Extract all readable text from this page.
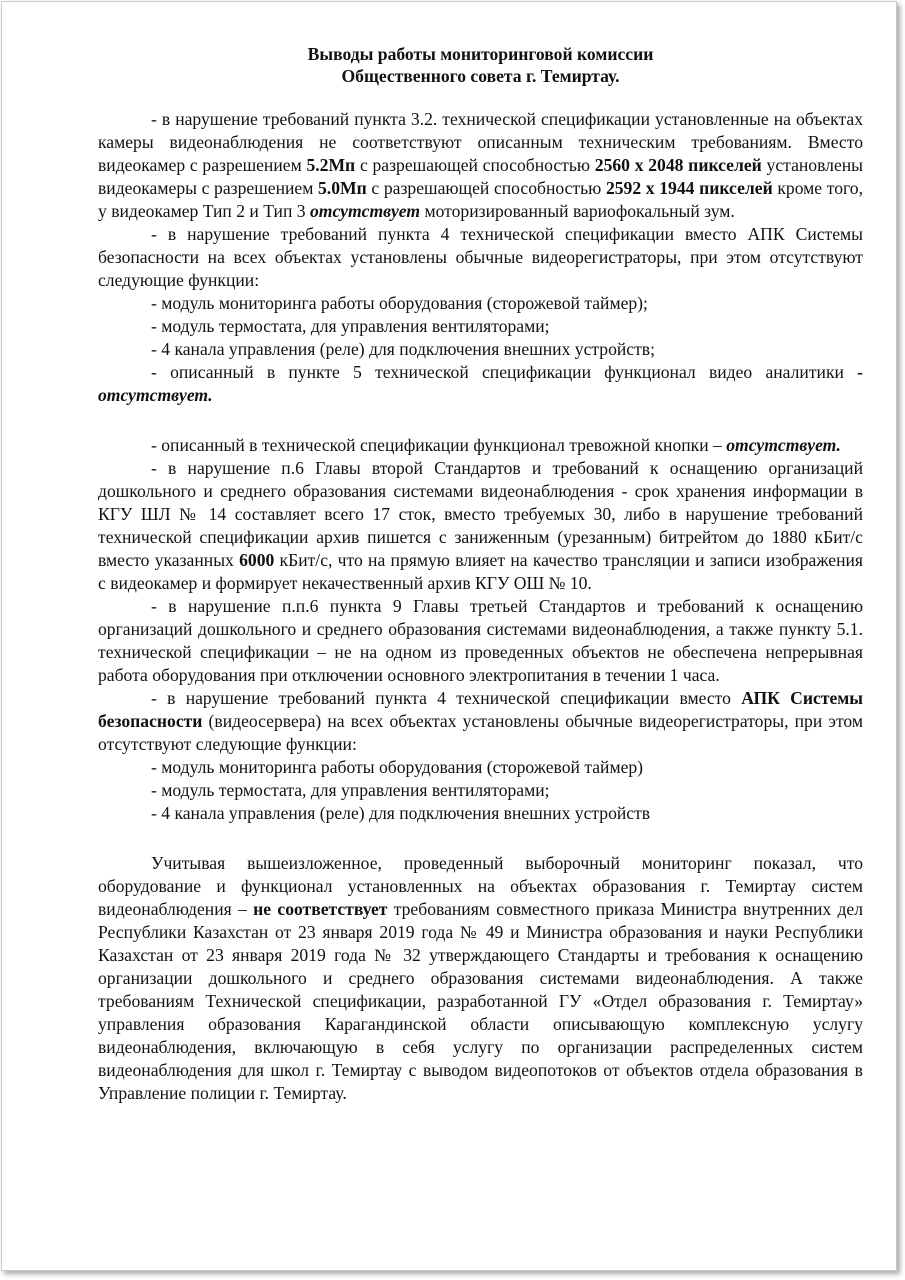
Выводы работы мониторинговой комиссии
Общественного совета г. Темиртау.

- в нарушение требований пункта 3.2. технической спецификации установленные на объектах камеры видеонаблюдения не соответствуют описанным техническим требованиям. Вместо видеокамер с разрешением 5.2Мп с разрешающей способностью 2560 х 2048 пикселей установлены видеокамеры с разрешением 5.0Мп с разрешающей способностью 2592 х 1944 пикселей кроме того, у видеокамер Тип 2 и Тип 3 отсутствует моторизированный вариофокальный зум.

- в нарушение требований пункта 4 технической спецификации вместо АПК Системы безопасности на всех объектах установлены обычные видеорегистраторы, при этом отсутствуют следующие функции:

- модуль мониторинга работы оборудования (сторожевой таймер);

- модуль термостата, для управления вентиляторами;

- 4 канала управления (реле) для подключения внешних устройств;

- описанный в пункте 5 технической спецификации функционал видео аналитики - отсутствует.

- описанный в технической спецификации функционал тревожной кнопки – отсутствует.

- в нарушение п.6 Главы второй Стандартов и требований к оснащению организаций дошкольного и среднего образования системами видеонаблюдения - срок хранения информации в КГУ ШЛ № 14 составляет всего 17 сток, вместо требуемых 30, либо в нарушение требований технической спецификации архив пишется с заниженным (урезанным) битрейтом до 1880 кБит/с вместо указанных 6000 кБит/с, что на прямую влияет на качество трансляции и записи изображения с видеокамер и формирует некачественный архив КГУ ОШ № 10.

- в нарушение п.п.6 пункта 9 Главы третьей Стандартов и требований к оснащению организаций дошкольного и среднего образования системами видеонаблюдения, а также пункту 5.1. технической спецификации – не на одном из проведенных объектов не обеспечена непрерывная работа оборудования при отключении основного электропитания в течении 1 часа.

- в нарушение требований пункта 4 технической спецификации вместо АПК Системы безопасности (видеосервера) на всех объектах установлены обычные видеорегистраторы, при этом отсутствуют следующие функции:

- модуль мониторинга работы оборудования (сторожевой таймер)

- модуль термостата, для управления вентиляторами;

- 4 канала управления (реле) для подключения внешних устройств

Учитывая вышеизложенное, проведенный выборочный мониторинг показал, что оборудование и функционал установленных на объектах образования г. Темиртау систем видеонаблюдения – не соответствует требованиям совместного приказа Министра внутренних дел Республики Казахстан от 23 января 2019 года № 49 и Министра образования и науки Республики Казахстан от 23 января 2019 года № 32 утверждающего Стандарты и требования к оснащению организации дошкольного и среднего образования системами видеонаблюдения. А также требованиям Технической спецификации, разработанной ГУ «Отдел образования г. Темиртау» управления образования Карагандинской области описывающую комплексную услугу видеонаблюдения, включающую в себя услугу по организации распределенных систем видеонаблюдения для школ г. Темиртау с выводом видеопотоков от объектов отдела образования в Управление полиции г. Темиртау.
